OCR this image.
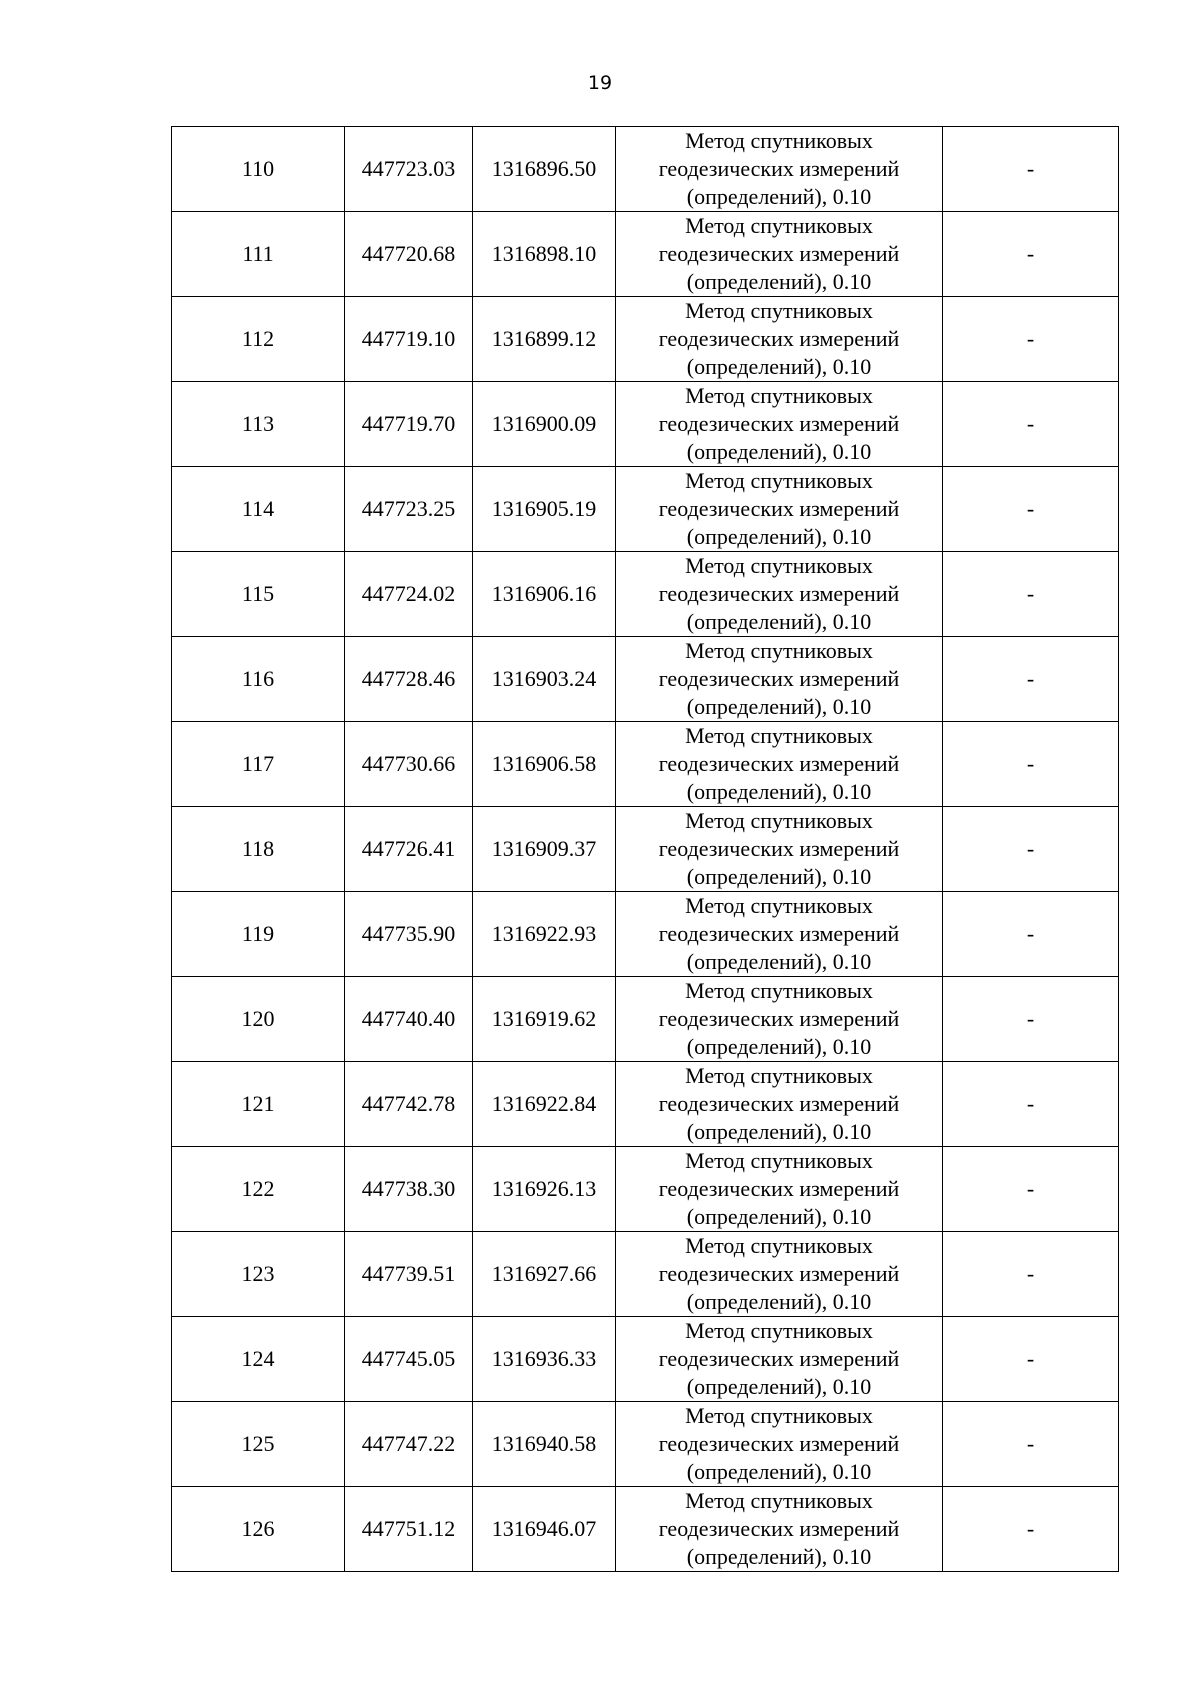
19
110	447723.03	1316896.50	Метод спутниковых
геодезических измерений
(определений), 0.10	-
111	447720.68	1316898.10	Метод спутниковых
геодезических измерений
(определений), 0.10	-
112	447719.10	1316899.12	Метод спутниковых
геодезических измерений
(определений), 0.10	-
113	447719.70	1316900.09	Метод спутниковых
геодезических измерений
(определений), 0.10	-
114	447723.25	1316905.19	Метод спутниковых
геодезических измерений
(определений), 0.10	-
115	447724.02	1316906.16	Метод спутниковых
геодезических измерений
(определений), 0.10	-
116	447728.46	1316903.24	Метод спутниковых
геодезических измерений
(определений), 0.10	-
117	447730.66	1316906.58	Метод спутниковых
геодезических измерений
(определений), 0.10	-
118	447726.41	1316909.37	Метод спутниковых
геодезических измерений
(определений), 0.10	-
119	447735.90	1316922.93	Метод спутниковых
геодезических измерений
(определений), 0.10	-
120	447740.40	1316919.62	Метод спутниковых
геодезических измерений
(определений), 0.10	-
121	447742.78	1316922.84	Метод спутниковых
геодезических измерений
(определений), 0.10	-
122	447738.30	1316926.13	Метод спутниковых
геодезических измерений
(определений), 0.10	-
123	447739.51	1316927.66	Метод спутниковых
геодезических измерений
(определений), 0.10	-
124	447745.05	1316936.33	Метод спутниковых
геодезических измерений
(определений), 0.10	-
125	447747.22	1316940.58	Метод спутниковых
геодезических измерений
(определений), 0.10	-
126	447751.12	1316946.07	Метод спутниковых
геодезических измерений
(определений), 0.10	-
